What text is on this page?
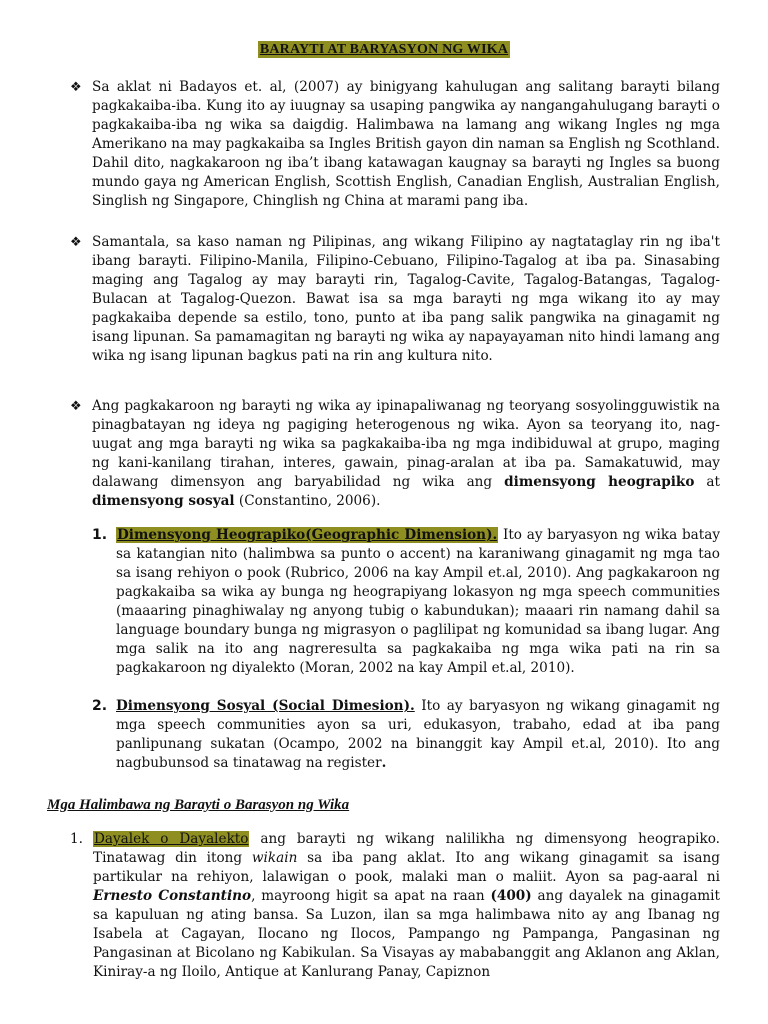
BARAYTI AT BARYASYON NG WIKA
❖ Sa aklat ni Badayos et. al, (2007) ay binigyang kahulugan ang salitang barayti bilang pagkakaiba-iba. Kung ito ay iuugnay sa usaping pangwika ay nangangahulugang barayti o pagkakaiba-iba ng wika sa daigdig. Halimbawa na lamang ang wikang Ingles ng mga Amerikano na may pagkakaiba sa Ingles British gayon din naman sa English ng Scothland. Dahil dito, nagkakaroon ng iba’t ibang katawagan kaugnay sa barayti ng Ingles sa buong mundo gaya ng American English, Scottish English, Canadian English, Australian English, Singlish ng Singapore, Chinglish ng China at marami pang iba.
❖ Samantala, sa kaso naman ng Pilipinas, ang wikang Filipino ay nagtataglay rin ng iba't ibang barayti. Filipino-Manila, Filipino-Cebuano, Filipino-Tagalog at iba pa. Sinasabing maging ang Tagalog ay may barayti rin, Tagalog-Cavite, Tagalog-Batangas, Tagalog-Bulacan at Tagalog-Quezon. Bawat isa sa mga barayti ng mga wikang ito ay may pagkakaiba depende sa estilo, tono, punto at iba pang salik pangwika na ginagamit ng isang lipunan. Sa pamamagitan ng barayti ng wika ay napayayaman nito hindi lamang ang wika ng isang lipunan bagkus pati na rin ang kultura nito.
❖ Ang pagkakaroon ng barayti ng wika ay ipinapaliwanag ng teoryang sosyolingguwistik na pinagbatayan ng ideya ng pagiging heterogenous ng wika. Ayon sa teoryang ito, nag-uugat ang mga barayti ng wika sa pagkakaiba-iba ng mga indibiduwal at grupo, maging ng kani-kanilang tirahan, interes, gawain, pinag-aralan at iba pa. Samakatuwid, may dalawang dimensyon ang baryabilidad ng wika ang dimensyong heograpiko at dimensyong sosyal (Constantino, 2006).
1. Dimensyong Heograpiko(Geographic Dimension). Ito ay baryasyon ng wika batay sa katangian nito (halimbwa sa punto o accent) na karaniwang ginagamit ng mga tao sa isang rehiyon o pook (Rubrico, 2006 na kay Ampil et.al, 2010). Ang pagkakaroon ng pagkakaiba sa wika ay bunga ng heograpiyang lokasyon ng mga speech communities (maaaring pinaghiwalay ng anyong tubig o kabundukan); maaari rin namang dahil sa language boundary bunga ng migrasyon o paglilipat ng komunidad sa ibang lugar. Ang mga salik na ito ang nagreresulta sa pagkakaiba ng mga wika pati na rin sa pagkakaroon ng diyalekto (Moran, 2002 na kay Ampil et.al, 2010).
2. Dimensyong Sosyal (Social Dimesion). Ito ay baryasyon ng wikang ginagamit ng mga speech communities ayon sa uri, edukasyon, trabaho, edad at iba pang panlipunang sukatan (Ocampo, 2002 na binanggit kay Ampil et.al, 2010). Ito ang nagbubunsod sa tinatawag na register.
Mga Halimbawa ng Barayti o Barasyon ng Wika
1. Dayalek o Dayalekto ang barayti ng wikang nalilikha ng dimensyong heograpiko. Tinatawag din itong wikain sa iba pang aklat. Ito ang wikang ginagamit sa isang partikular na rehiyon, lalawigan o pook, malaki man o maliit. Ayon sa pag-aaral ni Ernesto Constantino, mayroong higit sa apat na raan (400) ang dayalek na ginagamit sa kapuluan ng ating bansa. Sa Luzon, ilan sa mga halimbawa nito ay ang Ibanag ng Isabela at Cagayan, Ilocano ng Ilocos, Pampango ng Pampanga, Pangasinan ng Pangasinan at Bicolano ng Kabikulan. Sa Visayas ay mababanggit ang Aklanon ang Aklan, Kiniray-a ng Iloilo, Antique at Kanlurang Panay, Capiznon
